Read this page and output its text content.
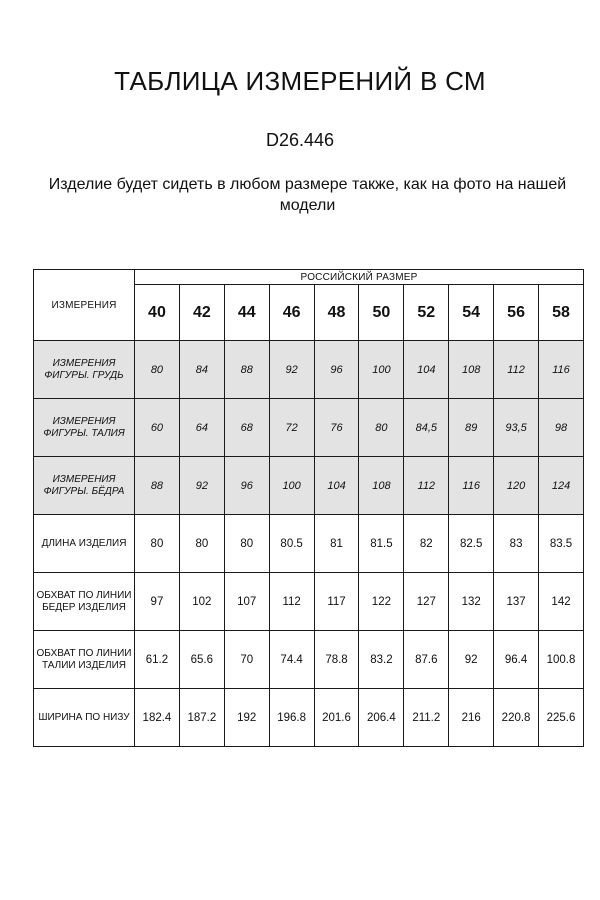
ТАБЛИЦА ИЗМЕРЕНИЙ В СМ
D26.446
Изделие будет сидеть в любом размере также, как на фото на нашей модели
ИЗМЕРЕНИЯ	РОССИЙСКИЙ РАЗМЕР									
	40	42	44	46	48	50	52	54	56	58
ИЗМЕРЕНИЯ ФИГУРЫ. ГРУДЬ	80	84	88	92	96	100	104	108	112	116
ИЗМЕРЕНИЯ ФИГУРЫ. ТАЛИЯ	60	64	68	72	76	80	84,5	89	93,5	98
ИЗМЕРЕНИЯ ФИГУРЫ. БЁДРА	88	92	96	100	104	108	112	116	120	124
ДЛИНА ИЗДЕЛИЯ	80	80	80	80.5	81	81.5	82	82.5	83	83.5
ОБХВАТ ПО ЛИНИИ БЕДЕР ИЗДЕЛИЯ	97	102	107	112	117	122	127	132	137	142
ОБХВАТ ПО ЛИНИИ ТАЛИИ ИЗДЕЛИЯ	61.2	65.6	70	74.4	78.8	83.2	87.6	92	96.4	100.8
ШИРИНА ПО НИЗУ	182.4	187.2	192	196.8	201.6	206.4	211.2	216	220.8	225.6
